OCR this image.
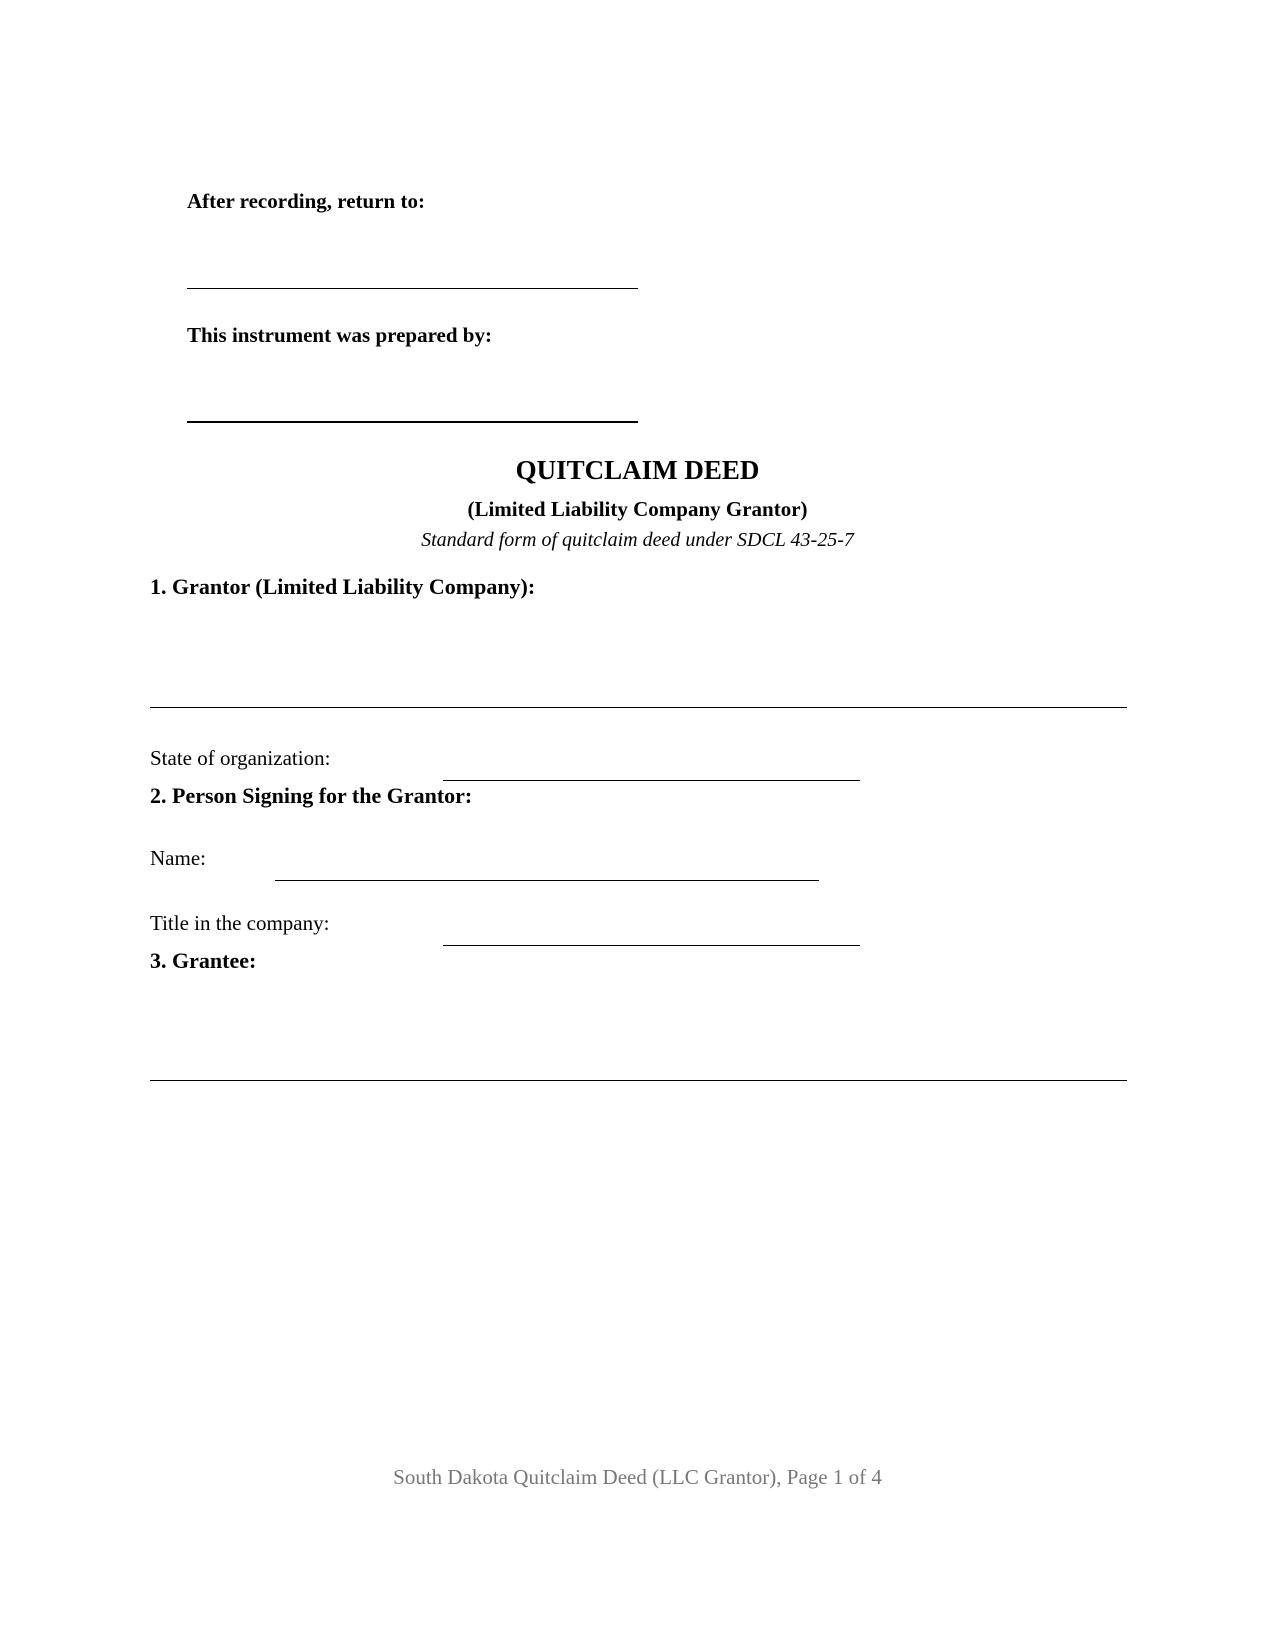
After recording, return to:
This instrument was prepared by:
QUITCLAIM DEED
(Limited Liability Company Grantor)
Standard form of quitclaim deed under SDCL 43-25-7
1. Grantor (Limited Liability Company):
State of organization:
2. Person Signing for the Grantor:
Name:
Title in the company:
3. Grantee:
South Dakota Quitclaim Deed (LLC Grantor), Page 1 of 4
